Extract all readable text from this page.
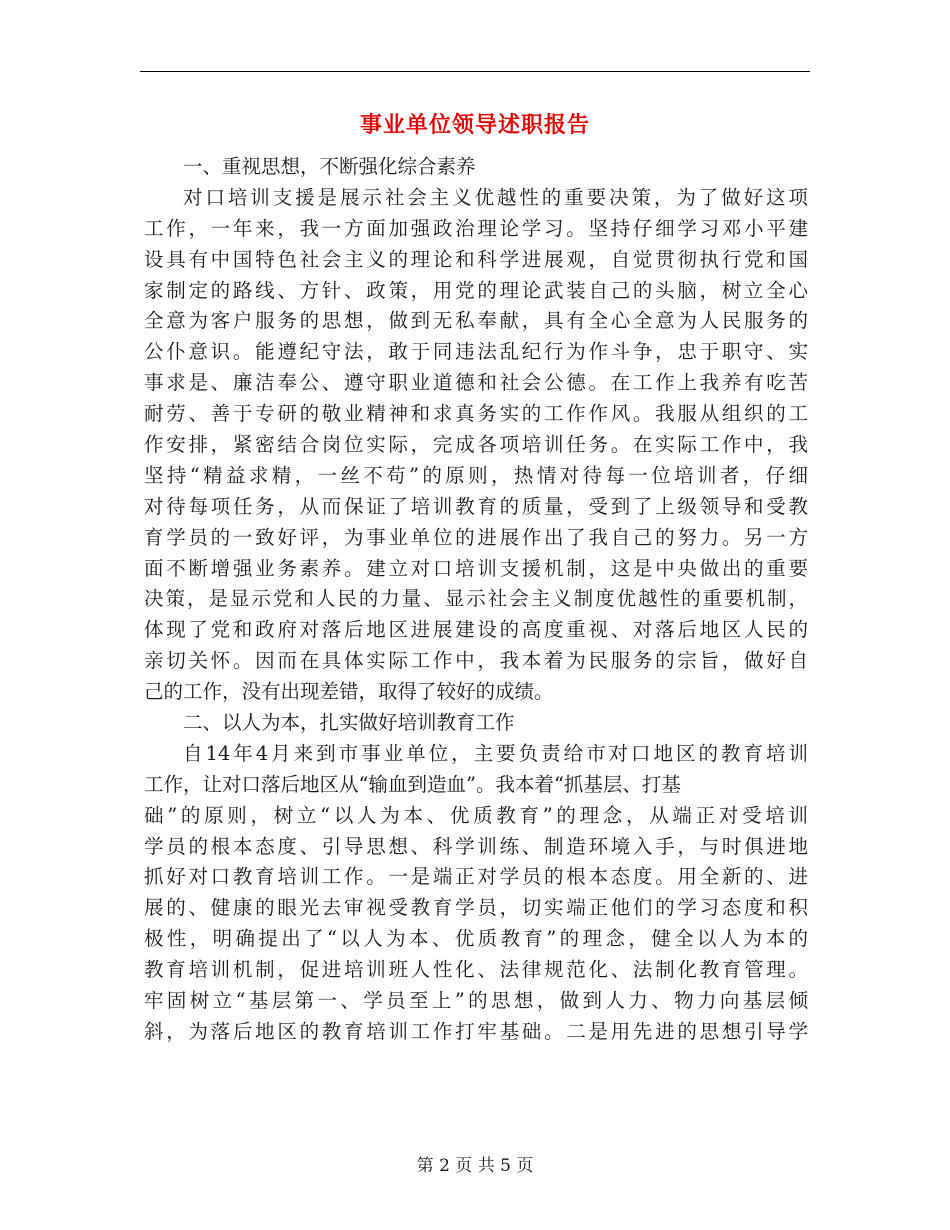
事业单位领导述职报告
一、重视思想，不断强化综合素养
对口培训支援是展示社会主义优越性的重要决策，为了做好这项
工作，一年来，我一方面加强政治理论学习。坚持仔细学习邓小平建
设具有中国特色社会主义的理论和科学进展观，自觉贯彻执行党和国
家制定的路线、方针、政策，用党的理论武装自己的头脑，树立全心
全意为客户服务的思想，做到无私奉献，具有全心全意为人民服务的
公仆意识。能遵纪守法，敢于同违法乱纪行为作斗争，忠于职守、实
事求是、廉洁奉公、遵守职业道德和社会公德。在工作上我养有吃苦
耐劳、善于专研的敬业精神和求真务实的工作作风。我服从组织的工
作安排，紧密结合岗位实际，完成各项培训任务。在实际工作中，我
坚持“精益求精，一丝不苟”的原则，热情对待每一位培训者，仔细
对待每项任务，从而保证了培训教育的质量，受到了上级领导和受教
育学员的一致好评，为事业单位的进展作出了我自己的努力。另一方
面不断增强业务素养。建立对口培训支援机制，这是中央做出的重要
决策，是显示党和人民的力量、显示社会主义制度优越性的重要机制，
体现了党和政府对落后地区进展建设的高度重视、对落后地区人民的
亲切关怀。因而在具体实际工作中，我本着为民服务的宗旨，做好自
己的工作，没有出现差错，取得了较好的成绩。
二、以人为本，扎实做好培训教育工作
自14年4月来到市事业单位，主要负责给市对口地区的教育培训
工作，让对口落后地区从“输血到造血”。我本着“抓基层、打基
础”的原则，树立“以人为本、优质教育”的理念，从端正对受培训
学员的根本态度、引导思想、科学训练、制造环境入手，与时俱进地
抓好对口教育培训工作。一是端正对学员的根本态度。用全新的、进
展的、健康的眼光去审视受教育学员，切实端正他们的学习态度和积
极性，明确提出了“以人为本、优质教育”的理念，健全以人为本的
教育培训机制，促进培训班人性化、法律规范化、法制化教育管理。
牢固树立“基层第一、学员至上”的思想，做到人力、物力向基层倾
斜，为落后地区的教育培训工作打牢基础。二是用先进的思想引导学
第 2 页 共 5 页
